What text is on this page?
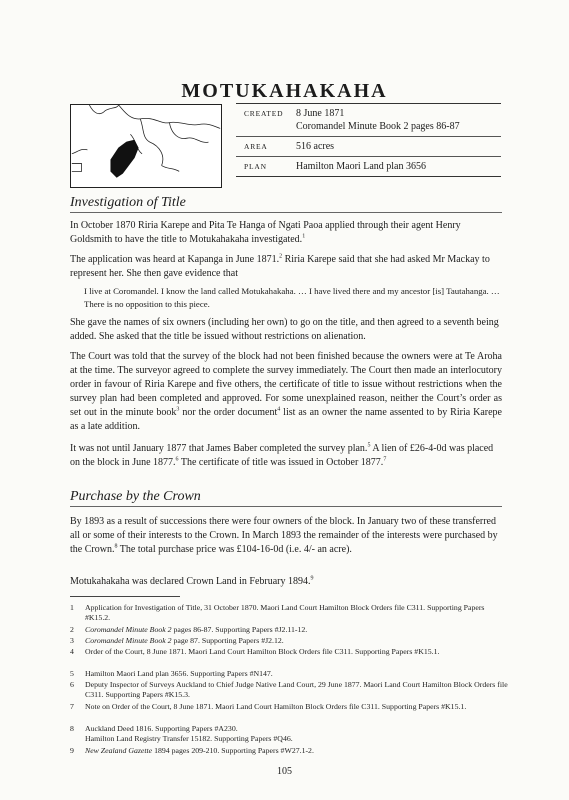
MOTUKAHAKAHA
CREATED	8 June 1871
Coromandel Minute Book 2 pages 86-87
AREA	516 acres
PLAN	Hamilton Maori Land plan 3656
Investigation of Title

In October 1870 Riria Karepe and Pita Te Hanga of Ngati Paoa applied through their agent Henry Goldsmith to have the title to Motukahakaha investigated.$^1$

The application was heard at Kapanga in June 1871.$^2$ Riria Karepe said that she had asked Mr Mackay to represent her. She then gave evidence that

I live at Coromandel. I know the land called Motukahakaha. … I have lived there and my ancestor [is] Tautahanga. … There is no opposition to this piece.

She gave the names of six owners (including her own) to go on the title, and then agreed to a seventh being added. She asked that the title be issued without restrictions on alienation.

The Court was told that the survey of the block had not been finished because the owners were at Te Aroha at the time. The surveyor agreed to complete the survey immediately. The Court then made an interlocutory order in favour of Riria Karepe and five others, the certificate of title to issue without restrictions when the survey plan had been completed and approved. For some unexplained reason, neither the Court’s order as set out in the minute book$^3$ nor the order document$^4$ list as an owner the name assented to by Riria Karepe as a late addition.

It was not until January 1877 that James Baber completed the survey plan.$^5$ A lien of £26-4-0d was placed on the block in June 1877.$^6$ The certificate of title was issued in October 1877.$^7$

Purchase by the Crown

By 1893 as a result of successions there were four owners of the block. In January two of these transferred all or some of their interests to the Crown. In March 1893 the remainder of the interests were purchased by the Crown.$^8$ The total purchase price was £104-16-0d (i.e. 4/- an acre).

Motukahakaha was declared Crown Land in February 1894.$^9$

1	Application for Investigation of Title, 31 October 1870. Maori Land Court Hamilton Block Orders file C311. Supporting Papers #K15.2.
2	Coromandel Minute Book 2 pages 86-87. Supporting Papers #J2.11-12.
3	Coromandel Minute Book 2 page 87. Supporting Papers #J2.12.
4	Order of the Court, 8 June 1871. Maori Land Court Hamilton Block Orders file C311. Supporting Papers #K15.1.
5	Hamilton Maori Land plan 3656. Supporting Papers #N147.
6	Deputy Inspector of Surveys Auckland to Chief Judge Native Land Court, 29 June 1877. Maori Land Court Hamilton Block Orders file C311. Supporting Papers #K15.3.
7	Note on Order of the Court, 8 June 1871. Maori Land Court Hamilton Block Orders file C311. Supporting Papers #K15.1.
8	Auckland Deed 1816. Supporting Papers #A230.
Hamilton Land Registry Transfer 15182. Supporting Papers #Q46.
9	New Zealand Gazette 1894 pages 209-210. Supporting Papers #W27.1-2.
105
